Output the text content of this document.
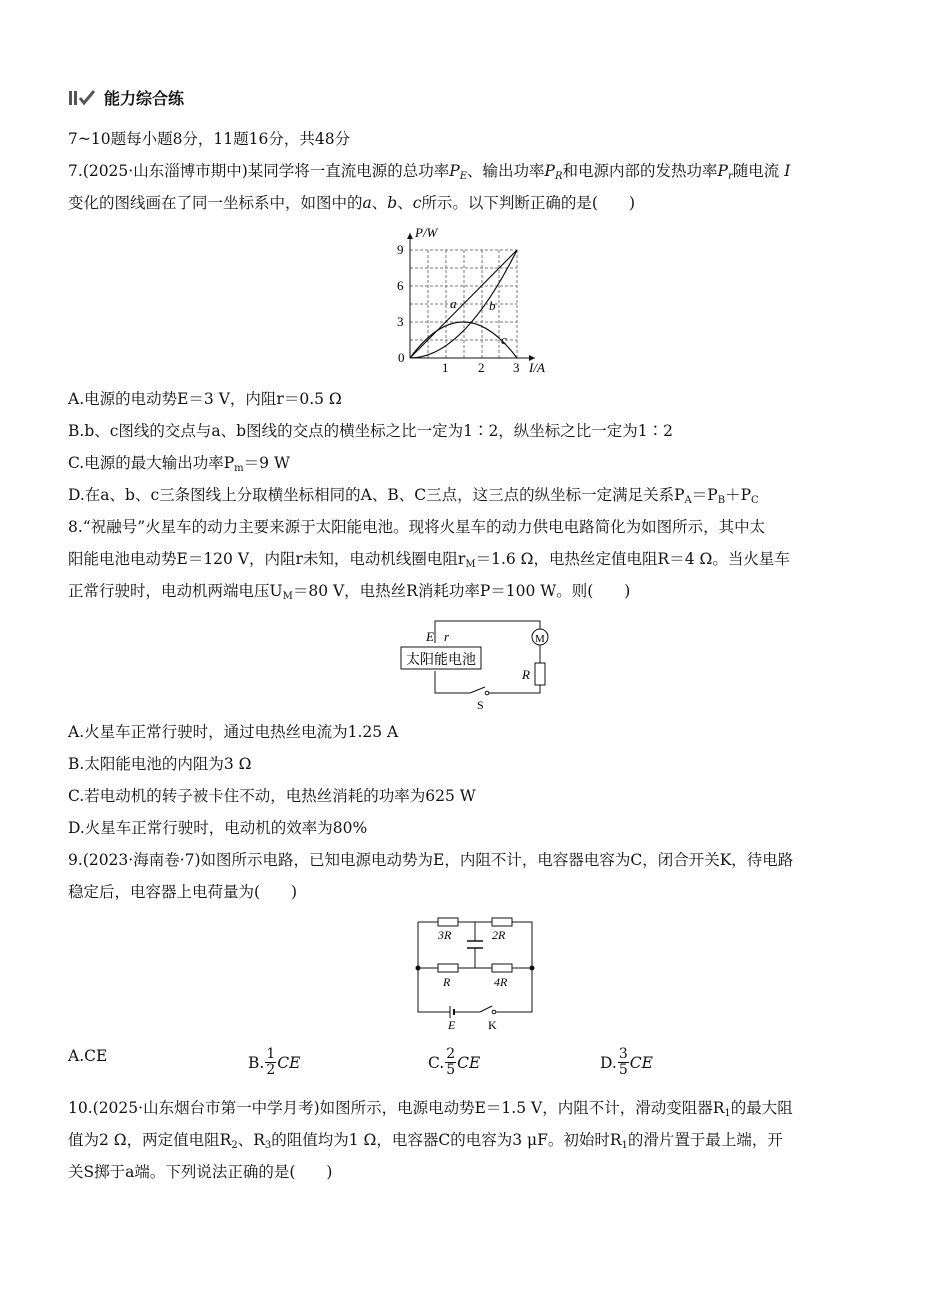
能力综合练
7~10题每小题8分，11题16分，共48分
7.(2025·山东淄博市期中)某同学将一直流电源的总功率$P_E$、输出功率$P_R$和电源内部的发热功率$P_r$随电流 I
变化的图线画在了同一坐标系中，如图中的a、b、c所示。以下判断正确的是(　　)
P/W
9
6
3
0
1 2 3 I/A
a	b
c
A.电源的电动势E＝3 V，内阻r＝0.5 Ω
B.b、c图线的交点与a、b图线的交点的横坐标之比一定为1∶2，纵坐标之比一定为1∶2
C.电源的最大输出功率$P_m=9$ W
D.在a、b、c三条图线上分取横坐标相同的A、B、C三点，这三点的纵坐标一定满足关系$P_A=P_B+P_C$
8.“祝融号”火星车的动力主要来源于太阳能电池。现将火星车的动力供电电路简化为如图所示，其中太
阳能电池电动势E＝120 V，内阻r未知，电动机线圈电阻$r_M=1.6$ Ω，电热丝定值电阻R＝4 Ω。当火星车
正常行驶时，电动机两端电压$U_M=80$ V，电热丝R消耗功率P＝100 W。则(　　)
太阳能电池
E r	M
R
S
A.火星车正常行驶时，通过电热丝电流为1.25 A
B.太阳能电池的内阻为3 Ω
C.若电动机的转子被卡住不动，电热丝消耗的功率为625 W
D.火星车正常行驶时，电动机的效率为80%
9.(2023·海南卷·7)如图所示电路，已知电源电动势为E，内阻不计，电容器电容为C，闭合开关K，待电路
稳定后，电容器上电荷量为(　　)
3R	2R
R	4R
E	K
A.CE	B. $\frac{1}{2}$ CE	C. $\frac{2}{5}$ CE	D. $\frac{3}{5}$ CE
10.(2025·山东烟台市第一中学月考)如图所示，电源电动势E＝1.5 V，内阻不计，滑动变阻器$R_1$的最大阻
值为2 Ω，两定值电阻$R_2$、$R_3$的阻值均为1 Ω，电容器C的电容为3 μF。初始时$R_1$的滑片置于最上端，开
关S掷于a端。下列说法正确的是(　　)
